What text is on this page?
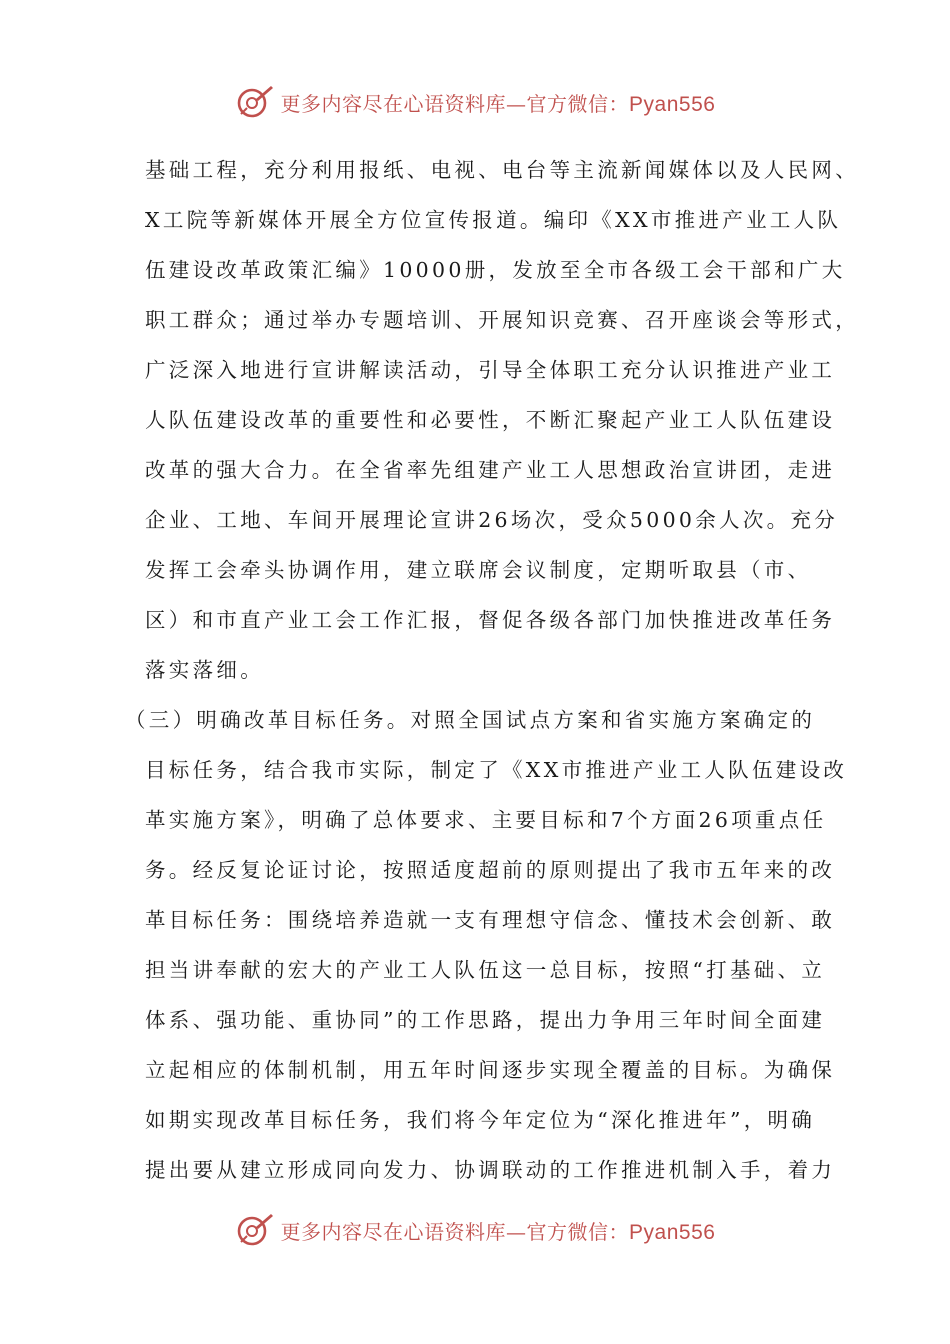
更多内容尽在心语资料库—官方微信：Pyan556
基础工程，充分利用报纸、电视、电台等主流新闻媒体以及人民网、
X工院等新媒体开展全方位宣传报道。编印《XX市推进产业工人队
伍建设改革政策汇编》10000册，发放至全市各级工会干部和广大
职工群众；通过举办专题培训、开展知识竞赛、召开座谈会等形式，
广泛深入地进行宣讲解读活动，引导全体职工充分认识推进产业工
人队伍建设改革的重要性和必要性，不断汇聚起产业工人队伍建设
改革的强大合力。在全省率先组建产业工人思想政治宣讲团，走进
企业、工地、车间开展理论宣讲26场次，受众5000余人次。充分
发挥工会牵头协调作用，建立联席会议制度，定期听取县（市、
区）和市直产业工会工作汇报，督促各级各部门加快推进改革任务
落实落细。
（三）明确改革目标任务。对照全国试点方案和省实施方案确定的
目标任务，结合我市实际，制定了《XX市推进产业工人队伍建设改
革实施方案》，明确了总体要求、主要目标和7个方面26项重点任
务。经反复论证讨论，按照适度超前的原则提出了我市五年来的改
革目标任务：围绕培养造就一支有理想守信念、懂技术会创新、敢
担当讲奉献的宏大的产业工人队伍这一总目标，按照“打基础、立
体系、强功能、重协同”的工作思路，提出力争用三年时间全面建
立起相应的体制机制，用五年时间逐步实现全覆盖的目标。为确保
如期实现改革目标任务，我们将今年定位为“深化推进年”，明确
提出要从建立形成同向发力、协调联动的工作推进机制入手，着力
更多内容尽在心语资料库—官方微信：Pyan556
